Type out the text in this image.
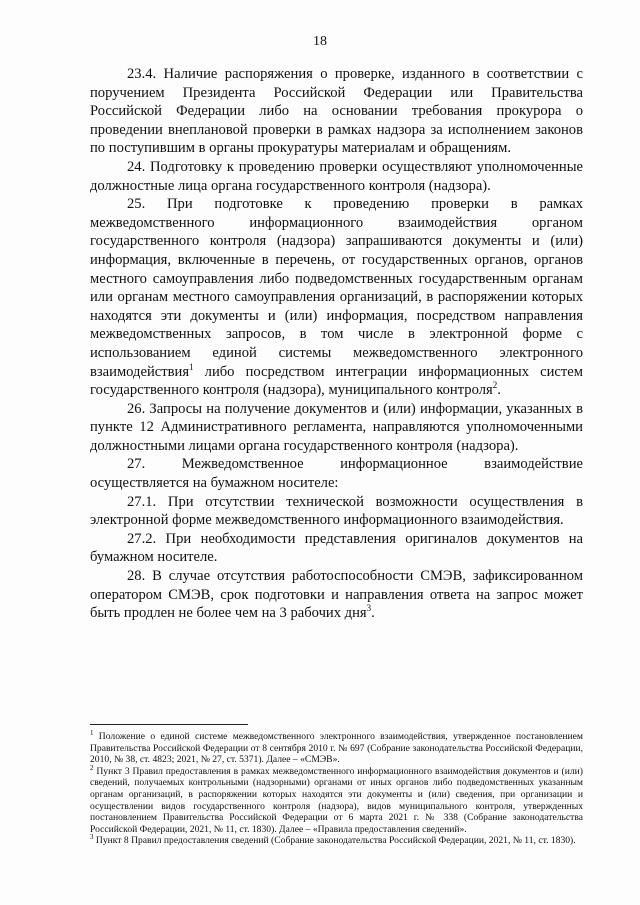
18

23.4. Наличие распоряжения о проверке, изданного в соответствии с поручением Президента Российской Федерации или Правительства Российской Федерации либо на основании требования прокурора о проведении внеплановой проверки в рамках надзора за исполнением законов по поступившим в органы прокуратуры материалам и обращениям.

24. Подготовку к проведению проверки осуществляют уполномоченные должностные лица органа государственного контроля (надзора).

25. При подготовке к проведению проверки в рамках межведомственного информационного взаимодействия органом государственного контроля (надзора) запрашиваются документы и (или) информация, включенные в перечень, от государственных органов, органов местного самоуправления либо подведомственных государственным органам или органам местного самоуправления организаций, в распоряжении которых находятся эти документы и (или) информация, посредством направления межведомственных запросов, в том числе в электронной форме с использованием единой системы межведомственного электронного взаимодействия$^1$ либо посредством интеграции информационных систем государственного контроля (надзора), муниципального контроля$^2$.

26. Запросы на получение документов и (или) информации, указанных в пункте 12 Административного регламента, направляются уполномоченными должностными лицами органа государственного контроля (надзора).

27. Межведомственное информационное взаимодействие осуществляется на бумажном носителе:

27.1. При отсутствии технической возможности осуществления в электронной форме межведомственного информационного взаимодействия.

27.2. При необходимости представления оригиналов документов на бумажном носителе.

28. В случае отсутствия работоспособности СМЭВ, зафиксированном оператором СМЭВ, срок подготовки и направления ответа на запрос может быть продлен не более чем на 3 рабочих дня$^3$.

$^1$ Положение о единой системе межведомственного электронного взаимодействия, утвержденное постановлением Правительства Российской Федерации от 8 сентября 2010 г. № 697 (Собрание законодательства Российской Федерации, 2010, № 38, ст. 4823; 2021, № 27, ст. 5371). Далее – «СМЭВ».

$^2$ Пункт 3 Правил предоставления в рамках межведомственного информационного взаимодействия документов и (или) сведений, получаемых контрольными (надзорными) органами от иных органов либо подведомственных указанным органам организаций, в распоряжении которых находятся эти документы и (или) сведения, при организации и осуществлении видов государственного контроля (надзора), видов муниципального контроля, утвержденных постановлением Правительства Российской Федерации от 6 марта 2021 г. № 338 (Собрание законодательства Российской Федерации, 2021, № 11, ст. 1830). Далее – «Правила предоставления сведений».

$^3$ Пункт 8 Правил предоставления сведений (Собрание законодательства Российской Федерации, 2021, № 11, ст. 1830).
